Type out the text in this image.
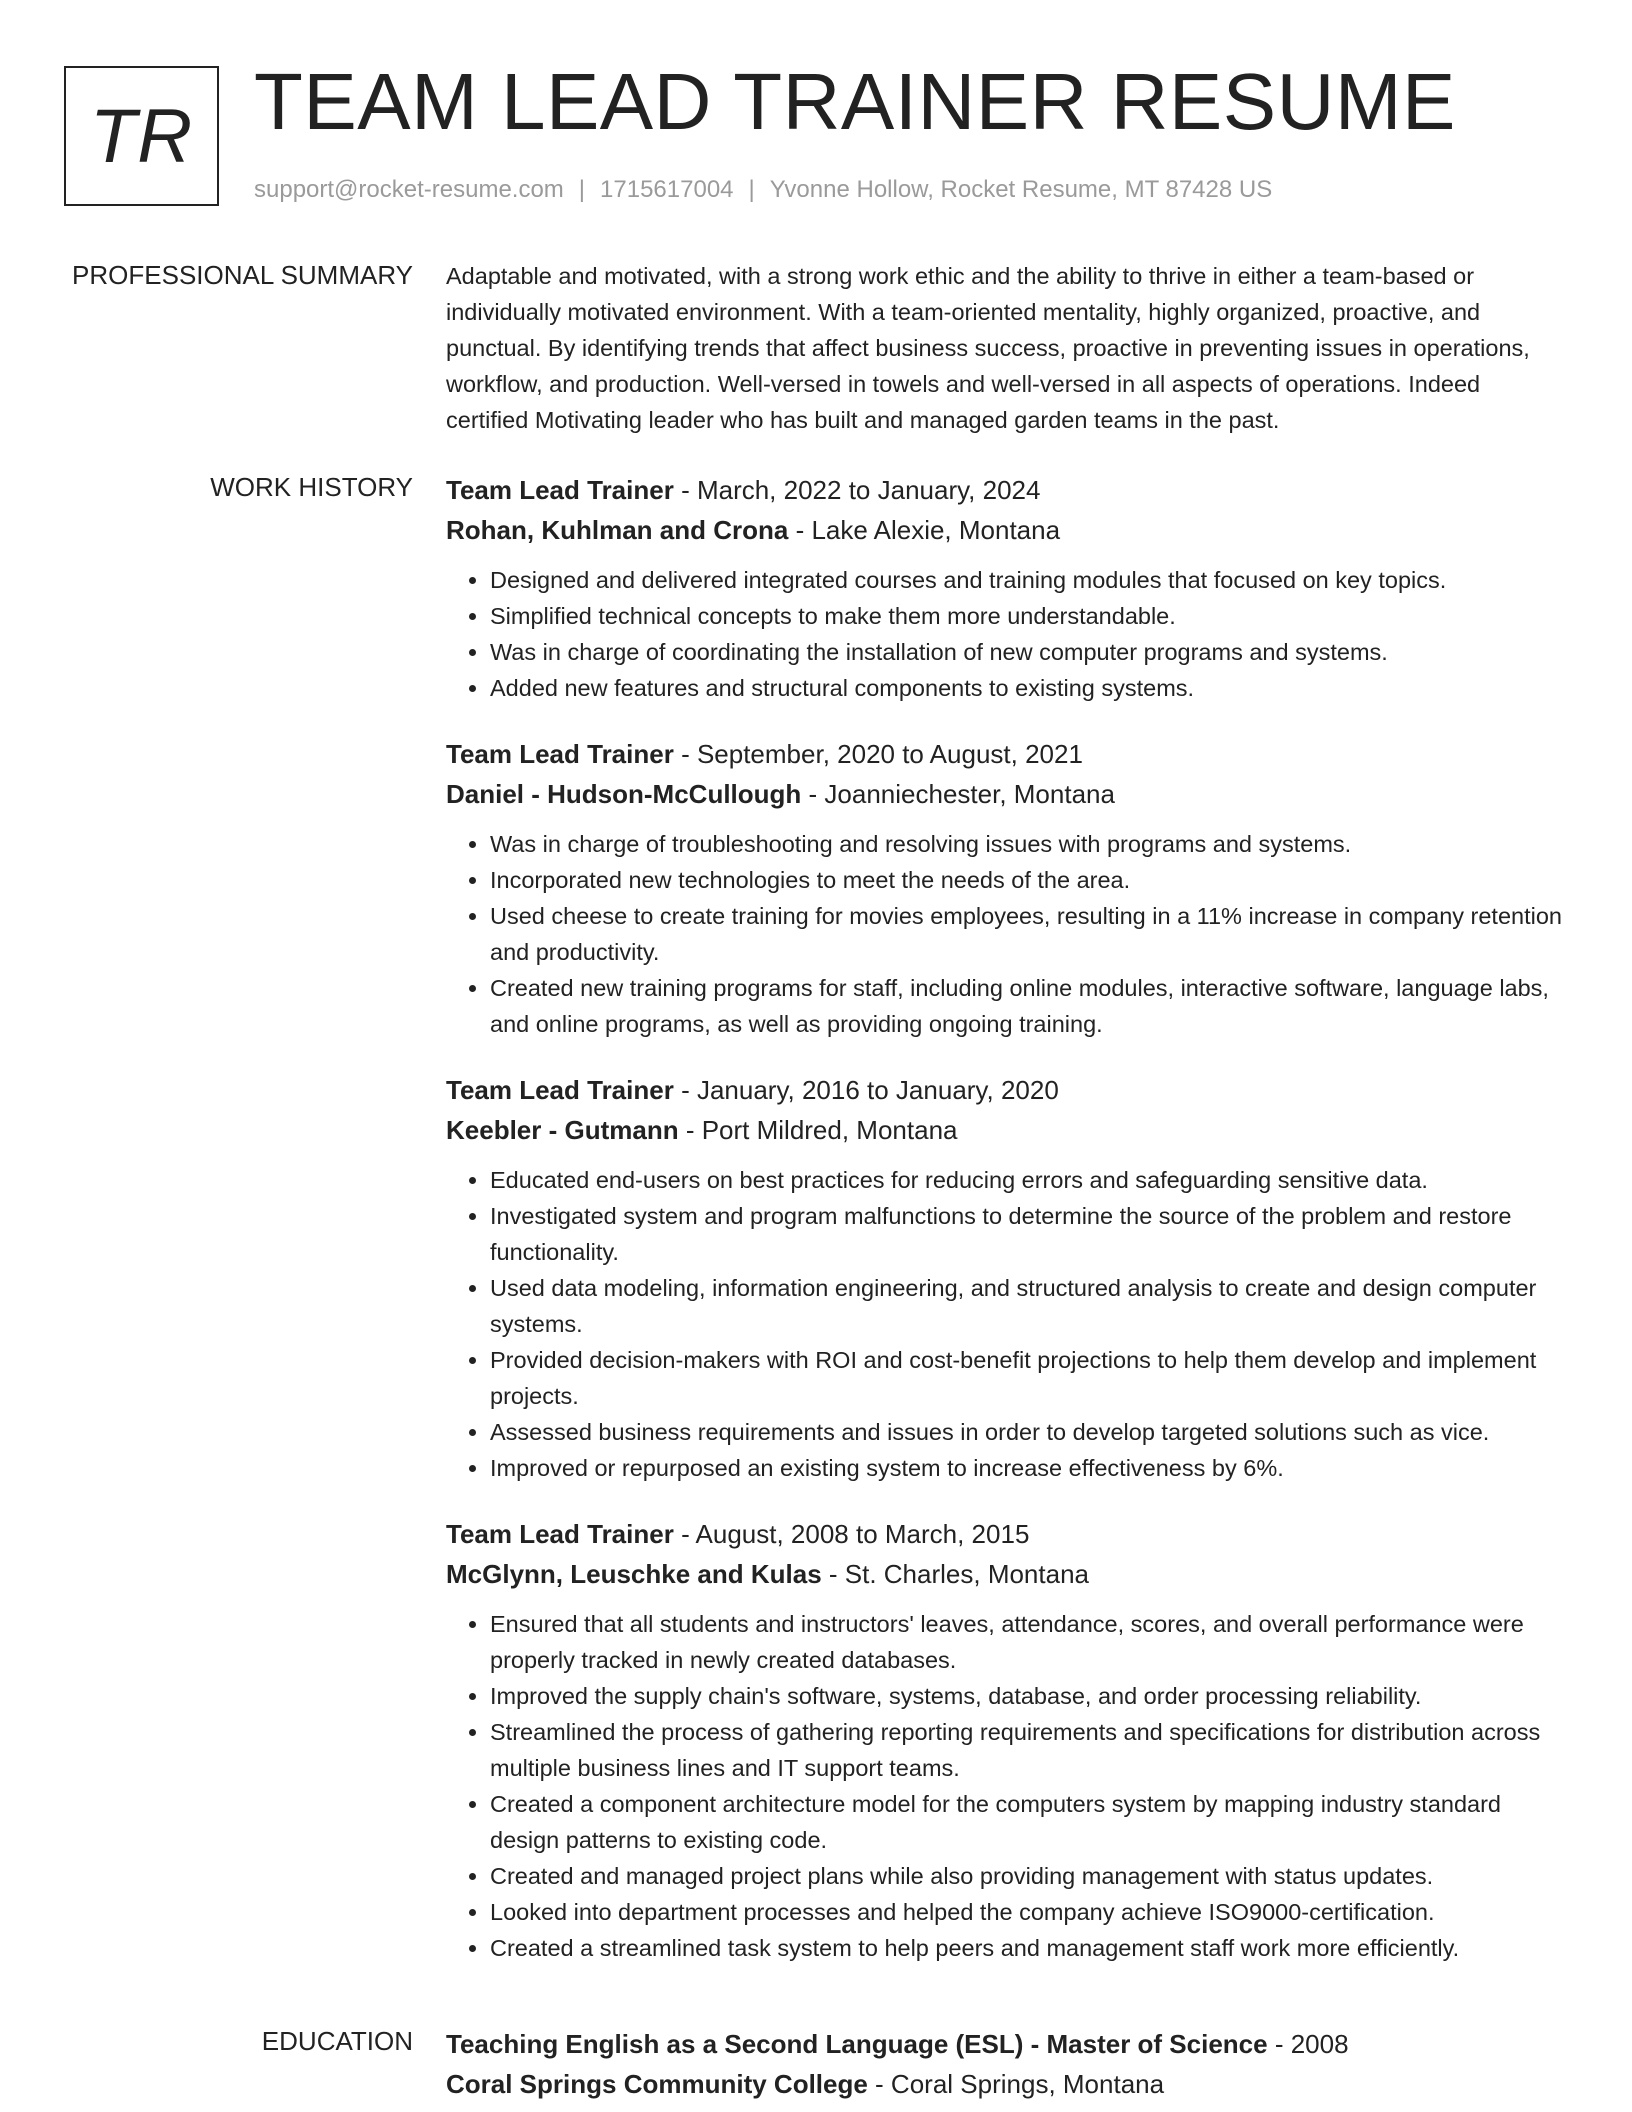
TR TEAM LEAD TRAINER RESUME
support@rocket-resume.com | 1715617004 | Yvonne Hollow, Rocket Resume, MT 87428 US
PROFESSIONAL SUMMARY Adaptable and motivated, with a strong work ethic and the ability to thrive in either a team-based or individually motivated environment. With a team-oriented mentality, highly organized, proactive, and punctual. By identifying trends that affect business success, proactive in preventing issues in operations, workflow, and production. Well-versed in towels and well-versed in all aspects of operations. Indeed certified Motivating leader who has built and managed garden teams in the past.

WORK HISTORY Team Lead Trainer - March, 2022 to January, 2024
Rohan, Kuhlman and Crona - Lake Alexie, Montana
• Designed and delivered integrated courses and training modules that focused on key topics.
• Simplified technical concepts to make them more understandable.
• Was in charge of coordinating the installation of new computer programs and systems.
• Added new features and structural components to existing systems.
Team Lead Trainer - September, 2020 to August, 2021
Daniel - Hudson-McCullough - Joanniechester, Montana
• Was in charge of troubleshooting and resolving issues with programs and systems.
• Incorporated new technologies to meet the needs of the area.
• Used cheese to create training for movies employees, resulting in a 11% increase in company retention and productivity.
• Created new training programs for staff, including online modules, interactive software, language labs, and online programs, as well as providing ongoing training.
Team Lead Trainer - January, 2016 to January, 2020
Keebler - Gutmann - Port Mildred, Montana
• Educated end-users on best practices for reducing errors and safeguarding sensitive data.
• Investigated system and program malfunctions to determine the source of the problem and restore functionality.
• Used data modeling, information engineering, and structured analysis to create and design computer systems.
• Provided decision-makers with ROI and cost-benefit projections to help them develop and implement projects.
• Assessed business requirements and issues in order to develop targeted solutions such as vice.
• Improved or repurposed an existing system to increase effectiveness by 6%.
Team Lead Trainer - August, 2008 to March, 2015
McGlynn, Leuschke and Kulas - St. Charles, Montana
• Ensured that all students and instructors' leaves, attendance, scores, and overall performance were properly tracked in newly created databases.
• Improved the supply chain's software, systems, database, and order processing reliability.
• Streamlined the process of gathering reporting requirements and specifications for distribution across multiple business lines and IT support teams.
• Created a component architecture model for the computers system by mapping industry standard design patterns to existing code.
• Created and managed project plans while also providing management with status updates.
• Looked into department processes and helped the company achieve ISO9000-certification.
• Created a streamlined task system to help peers and management staff work more efficiently.
EDUCATION Teaching English as a Second Language (ESL) - Master of Science - 2008
Coral Springs Community College - Coral Springs, Montana
